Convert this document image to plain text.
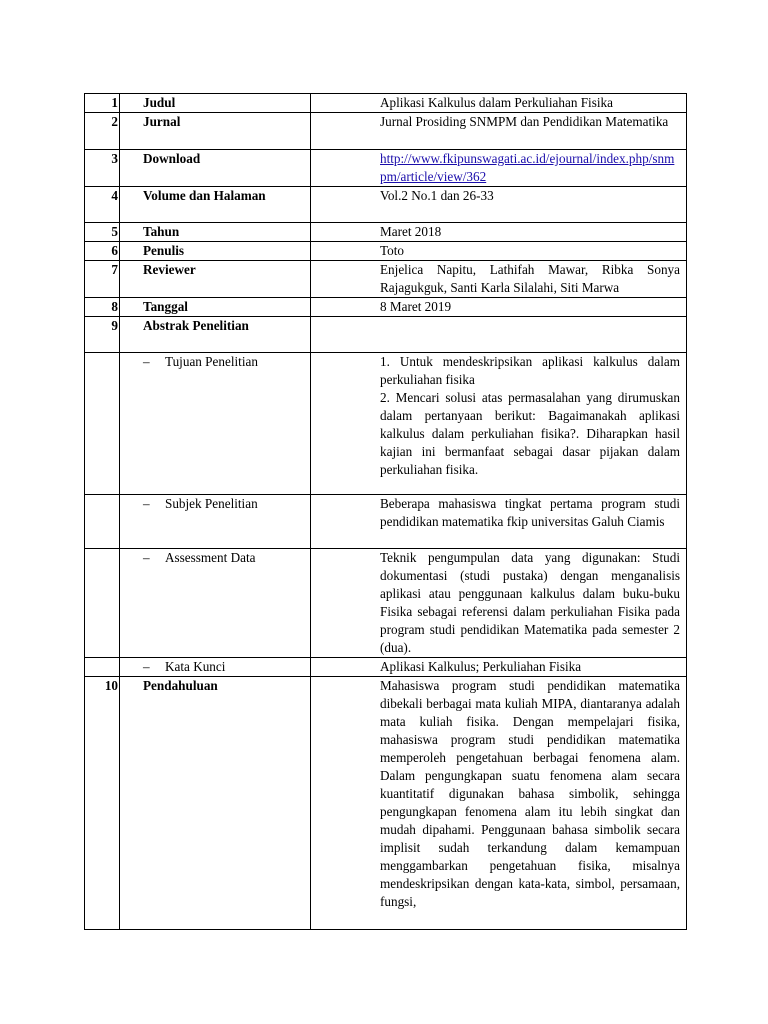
1	Judul	Aplikasi Kalkulus dalam Perkuliahan Fisika
2	Jurnal	Jurnal Prosiding SNMPM dan Pendidikan Matematika
3	Download	http://www.fkipunswagati.ac.id/ejournal/index.php/snmpm/article/view/362
4	Volume dan Halaman	Vol.2 No.1 dan 26-33
5	Tahun	Maret 2018
6	Penulis	Toto
7	Reviewer	Enjelica Napitu, Lathifah Mawar, Ribka Sonya Rajagukguk, Santi Karla Silalahi, Siti Marwa
8	Tanggal	8 Maret 2019
9	Abstrak Penelitian	
	– Tujuan Penelitian	1. Untuk mendeskripsikan aplikasi kalkulus dalam perkuliahan fisika
2. Mencari solusi atas permasalahan yang dirumuskan dalam pertanyaan berikut: Bagaimanakah aplikasi kalkulus dalam perkuliahan fisika?. Diharapkan hasil kajian ini bermanfaat sebagai dasar pijakan dalam perkuliahan fisika.

	– Subjek Penelitian	Beberapa mahasiswa tingkat pertama program studi pendidikan matematika fkip universitas Galuh Ciamis
	– Assessment Data	Teknik pengumpulan data yang digunakan: Studi dokumentasi (studi pustaka) dengan menganalisis aplikasi atau penggunaan kalkulus dalam buku-buku Fisika sebagai referensi dalam perkuliahan Fisika pada program studi pendidikan Matematika pada semester 2 (dua).
	– Kata Kunci	Aplikasi Kalkulus; Perkuliahan Fisika
10	Pendahuluan	Mahasiswa program studi pendidikan matematika dibekali berbagai mata kuliah MIPA, diantaranya adalah mata kuliah fisika. Dengan mempelajari fisika, mahasiswa program studi pendidikan matematika memperoleh pengetahuan berbagai fenomena alam. Dalam pengungkapan suatu fenomena alam secara kuantitatif digunakan bahasa simbolik, sehingga pengungkapan fenomena alam itu lebih singkat dan mudah dipahami. Penggunaan bahasa simbolik secara implisit sudah terkandung dalam kemampuan menggambarkan pengetahuan fisika, misalnya mendeskripsikan dengan kata-kata, simbol, persamaan, fungsi,
